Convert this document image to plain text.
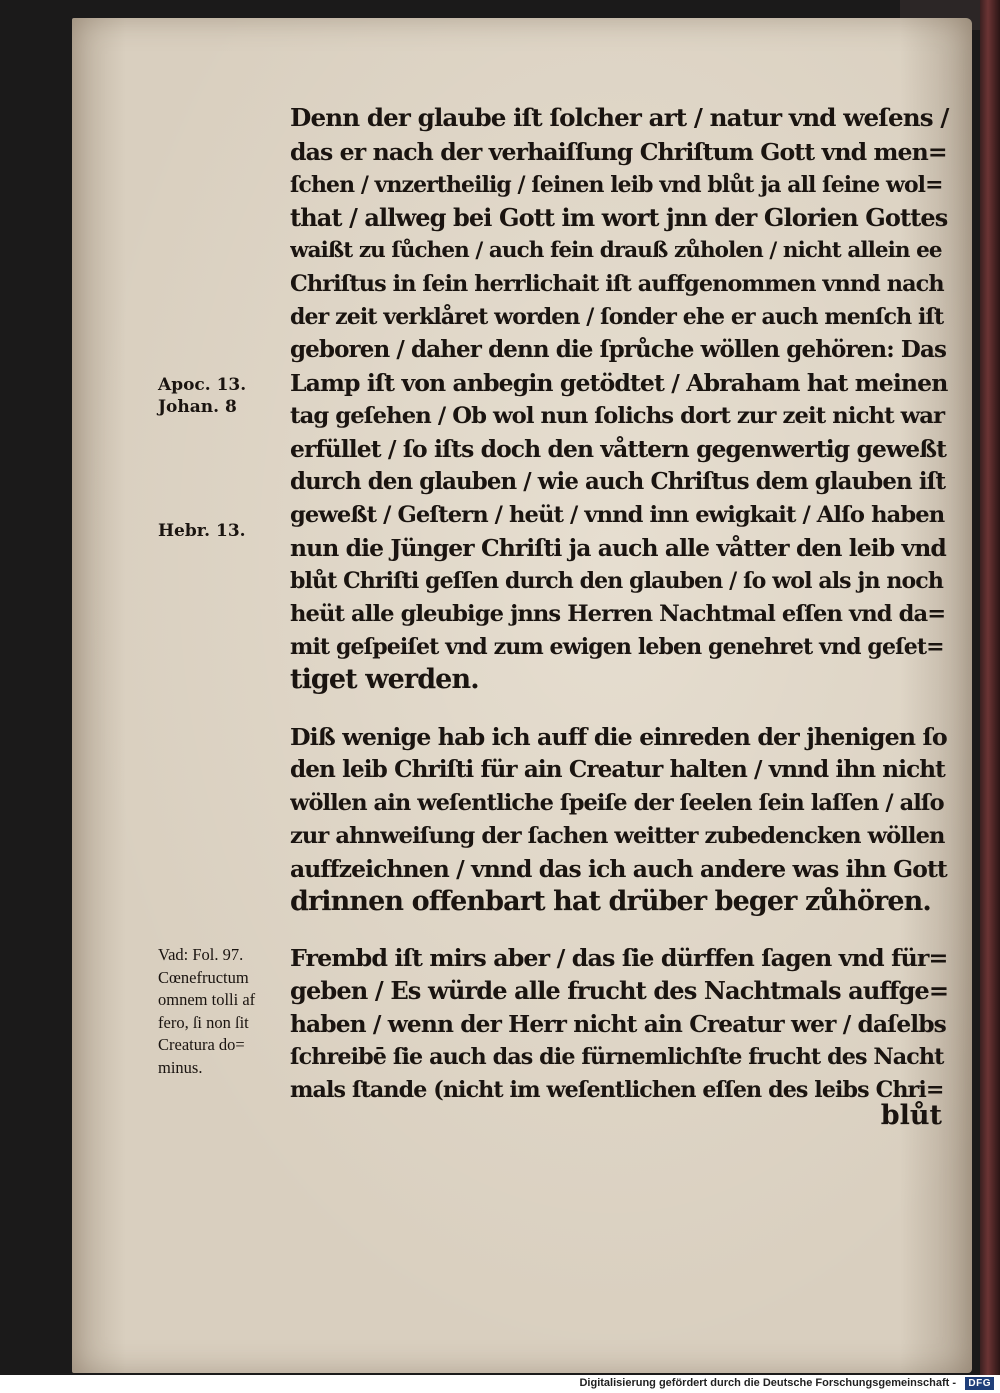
Denn der glaube iſt ſolcher art / natur vnd weſens /
das er nach der verhaiſſung Chriſtum Gott vnd men=
ſchen / vnzertheilig / ſeinen leib vnd blůt ja all ſeine wol=
that / allweg bei Gott im wort jnn der Glorien Gottes
waißt zu ſůchen / auch fein drauß zůholen / nicht allein ee
Chriſtus in ſein herrlichait iſt auffgenommen vnnd nach
der zeit verklåret worden / ſonder ehe er auch menſch iſt
geboren / daher denn die ſprůche wöllen gehören: Das
Lamp iſt von anbegin getödtet / Abraham hat meinen
tag geſehen / Ob wol nun ſolichs dort zur zeit nicht war
erfüllet / ſo iſts doch den våttern gegenwertig geweßt
durch den glauben / wie auch Chriſtus dem glauben iſt
geweßt / Geſtern / heüt / vnnd inn ewigkait / Alſo haben
nun die Jünger Chriſti ja auch alle våtter den leib vnd
blůt Chriſti geſſen durch den glauben / ſo wol als jn noch
heüt alle gleubige jnns Herren Nachtmal eſſen vnd da=
mit geſpeiſet vnd zum ewigen leben genehret vnd geſet=
tiget werden.
Diß wenige hab ich auff die einreden der jhenigen ſo
den leib Chriſti für ain Creatur halten / vnnd ihn nicht
wöllen ain weſentliche ſpeiſe der ſeelen ſein laſſen / alſo
zur ahnweiſung der ſachen weitter zubedencken wöllen
auffzeichnen / vnnd das ich auch andere was ihn Gott
drinnen offenbart hat drüber beger zůhören.
Frembd iſt mirs aber / das ſie dürffen ſagen vnd für=
geben / Es würde alle frucht des Nachtmals auffge=
haben / wenn der Herr nicht ain Creatur wer / daſelbs
ſchreibē ſie auch das die fürnemlichſte frucht des Nacht
mals ſtande (nicht im weſentlichen eſſen des leibs Chri=
blůt
Apoc. 13.
Johan. 8
Hebr. 13.
Vad: Fol. 97.
Cœnefructum
omnem tolli af
fero, ſi non ſit
Creatura do=
minus.
Digitalisierung gefördert durch die Deutsche Forschungsgemeinschaft -	DFG
